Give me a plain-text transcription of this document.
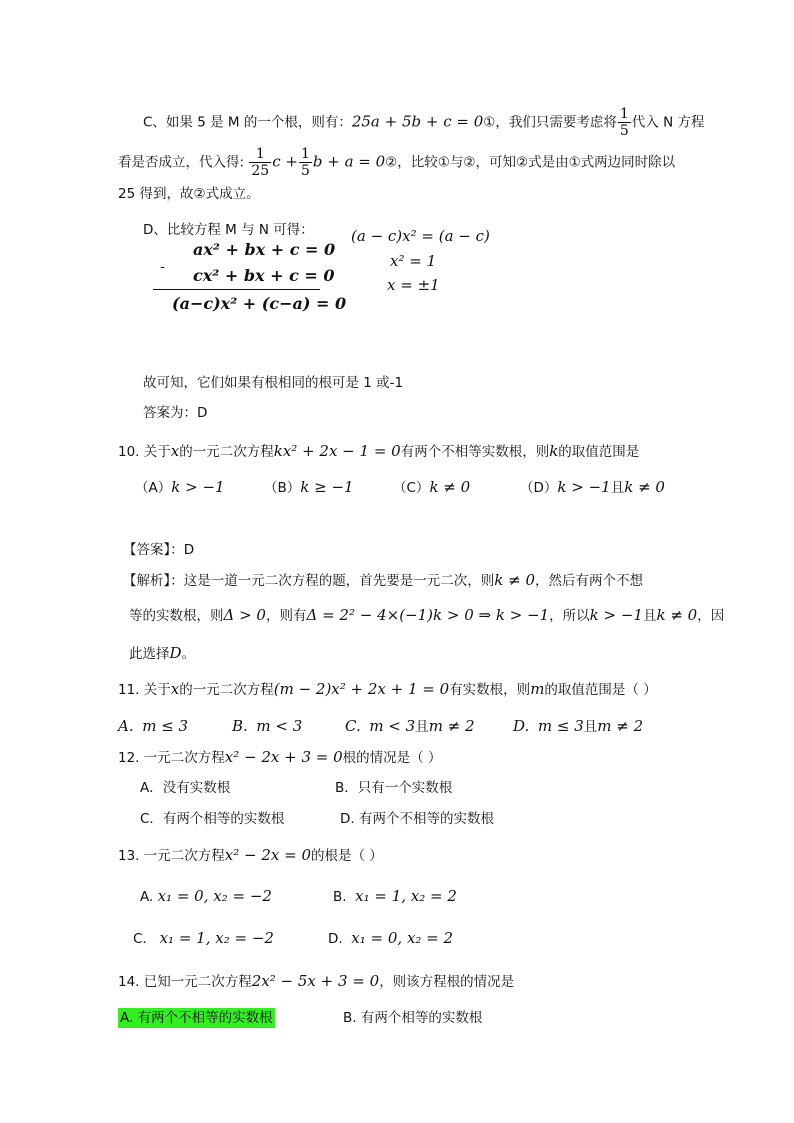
C、如果 5 是 M 的一个根，则有：25a + 5b + c = 0①，我们只需要考虑将 $\frac{1}{5}$ 代入 N 方程
看是否成立，代入得: $\frac{1}{25}$ $c + \frac{1}{5}$ b + a = 0②，比较①与②，可知②式是由①式两边同时除以
25 得到，故②式成立。
D、比较方程 M 与 N 可得：
ax² + bx + c = 0
- cx² + bx + c = 0
(a−c)x² + (c−a) = 0
(a − c)x² = (a − c)
x² = 1
x = ±1
故可知，它们如果有根相同的根可是 1 或-1
答案为：D
10. 关于x的一元二次方程kx² + 2x − 1 = 0有两个不相等实数根，则k的取值范围是
（A）k > −1	（B）k ≥ −1	（C）k ≠ 0	（D）k > −1且k ≠ 0
【答案】：D
【解析】：这是一道一元二次方程的题，首先要是一元二次，则k ≠ 0，然后有两个不想
等的实数根，则Δ > 0，则有Δ = 2² − 4×(−1)k > 0 ⇒ k > −1，所以k > −1且k ≠ 0，因
此选择D。
11. 关于x的一元二次方程(m − 2)x² + 2x + 1 = 0有实数根，则m的取值范围是（ ）
A. m ≤ 3	B. m < 3	C. m < 3且m ≠ 2	D. m ≤ 3且m ≠ 2
12. 一元二次方程x² − 2x + 3 = 0根的情况是（ ）
A．没有实数根	B．只有一个实数根
C．有两个相等的实数根	D. 有两个不相等的实数根
13. 一元二次方程x² − 2x = 0的根是（ ）
A. x₁ = 0, x₂ = −2	B. x₁ = 1, x₂ = 2
C. x₁ = 1, x₂ = −2	D. x₁ = 0, x₂ = 2
14. 已知一元二次方程2x² − 5x + 3 = 0，则该方程根的情况是
A. 有两个不相等的实数根	B. 有两个相等的实数根
